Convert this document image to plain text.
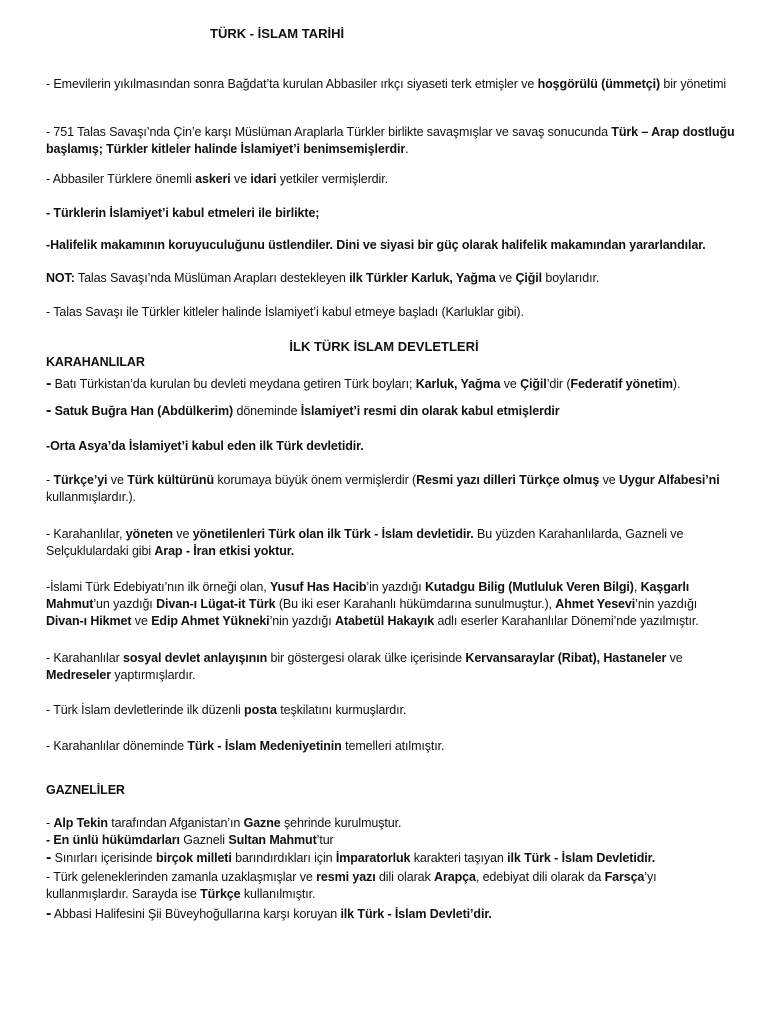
TÜRK - İSLAM TARİHİ

- Emevilerin yıkılmasından sonra Bağdat’ta kurulan Abbasiler ırkçı siyaseti terk etmişler ve hoşgörülü (ümmetçi) bir yönetimi

- 751 Talas Savaşı’nda Çin’e karşı Müslüman Araplarla Türkler birlikte savaşmışlar ve savaş sonucunda Türk – Arap dostluğu başlamış; Türkler kitleler halinde İslamiyet’i benimsemişlerdir.

- Abbasiler Türklere önemli askeri ve idari yetkiler vermişlerdir.

- Türklerin İslamiyet’i kabul etmeleri ile birlikte;

-Halifelik makamının koruyuculuğunu üstlendiler. Dini ve siyasi bir güç olarak halifelik makamından yararlandılar.

NOT: Talas Savaşı’nda Müslüman Arapları destekleyen ilk Türkler Karluk, Yağma ve Çiğil boylarıdır.

- Talas Savaşı ile Türkler kitleler halinde İslamiyet’i kabul etmeye başladı (Karluklar gibi).

İLK TÜRK İSLAM DEVLETLERİ
KARAHANLILAR

- Batı Türkistan’da kurulan bu devleti meydana getiren Türk boyları; Karluk, Yağma ve Çiğil’dir (Federatif yönetim).

- Satuk Buğra Han (Abdülkerim) döneminde İslamiyet’i resmi din olarak kabul etmişlerdir

-Orta Asya’da İslamiyet’i kabul eden ilk Türk devletidir.

- Türkçe’yi ve Türk kültürünü korumaya büyük önem vermişlerdir (Resmi yazı dilleri Türkçe olmuş ve Uygur Alfabesi’ni kullanmışlardır.).

- Karahanlılar, yöneten ve yönetilenleri Türk olan ilk Türk - İslam devletidir. Bu yüzden Karahanlılarda, Gazneli ve Selçuklulardaki gibi Arap - İran etkisi yoktur.

-İslami Türk Edebiyatı’nın ilk örneği olan, Yusuf Has Hacib’in yazdığı Kutadgu Bilig (Mutluluk Veren Bilgi), Kaşgarlı Mahmut’un yazdığı Divan-ı Lügat-it Türk (Bu iki eser Karahanlı hükümdarına sunulmuştur.), Ahmet Yesevi’nin yazdığı Divan-ı Hikmet ve Edip Ahmet Yükneki’nin yazdığı Atabetül Hakayık adlı eserler Karahanlılar Dönemi’nde yazılmıştır.

- Karahanlılar sosyal devlet anlayışının bir göstergesi olarak ülke içerisinde Kervansaraylar (Ribat), Hastaneler ve Medreseler yaptırmışlardır.

- Türk İslam devletlerinde ilk düzenli posta teşkilatını kurmuşlardır.

- Karahanlılar döneminde Türk - İslam Medeniyetinin temelleri atılmıştır.

GAZNELİLER

- Alp Tekin tarafından Afganistan’ın Gazne şehrinde kurulmuştur.

- En ünlü hükümdarları Gazneli Sultan Mahmut’tur

- Sınırları içerisinde birçok milleti barındırdıkları için İmparatorluk karakteri taşıyan ilk Türk - İslam Devletidir.

- Türk geleneklerinden zamanla uzaklaşmışlar ve resmi yazı dili olarak Arapça, edebiyat dili olarak da Farsça’yı kullanmışlardır. Sarayda ise Türkçe kullanılmıştır.

- Abbasi Halifesini Şii Büveyhoğullarına karşı koruyan ilk Türk - İslam Devleti’dir.
